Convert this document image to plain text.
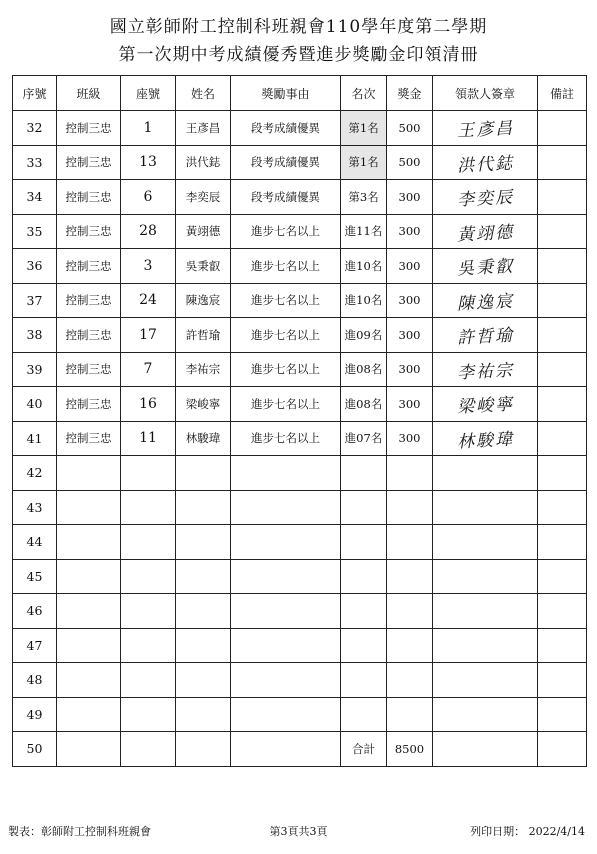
國立彰師附工控制科班親會110學年度第二學期
第一次期中考成績優秀暨進步獎勵金印領清冊
序號	班級	座號	姓名	獎勵事由	名次	獎金	領款人簽章	備註
32	控制三忠	1	王彥昌	段考成績優異	第1名	500	王彥昌	
33	控制三忠	13	洪代鋕	段考成績優異	第1名	500	洪代鋕	
34	控制三忠	6	李奕辰	段考成績優異	第3名	300	李奕辰	
35	控制三忠	28	黃翊德	進步七名以上	進11名	300	黃翊德	
36	控制三忠	3	吳秉叡	進步七名以上	進10名	300	吳秉叡	
37	控制三忠	24	陳逸宸	進步七名以上	進10名	300	陳逸宸	
38	控制三忠	17	許哲瑜	進步七名以上	進09名	300	許哲瑜	
39	控制三忠	7	李祐宗	進步七名以上	進08名	300	李祐宗	
40	控制三忠	16	梁峻寧	進步七名以上	進08名	300	梁峻寧	
41	控制三忠	11	林駿瑋	進步七名以上	進07名	300	林駿瑋	
42								
43								
44								
45								
46								
47								
48								
49								
50					合計	8500		
製表：彰師附工控制科班親會	第3頁共3頁	列印日期： 2022/4/14
